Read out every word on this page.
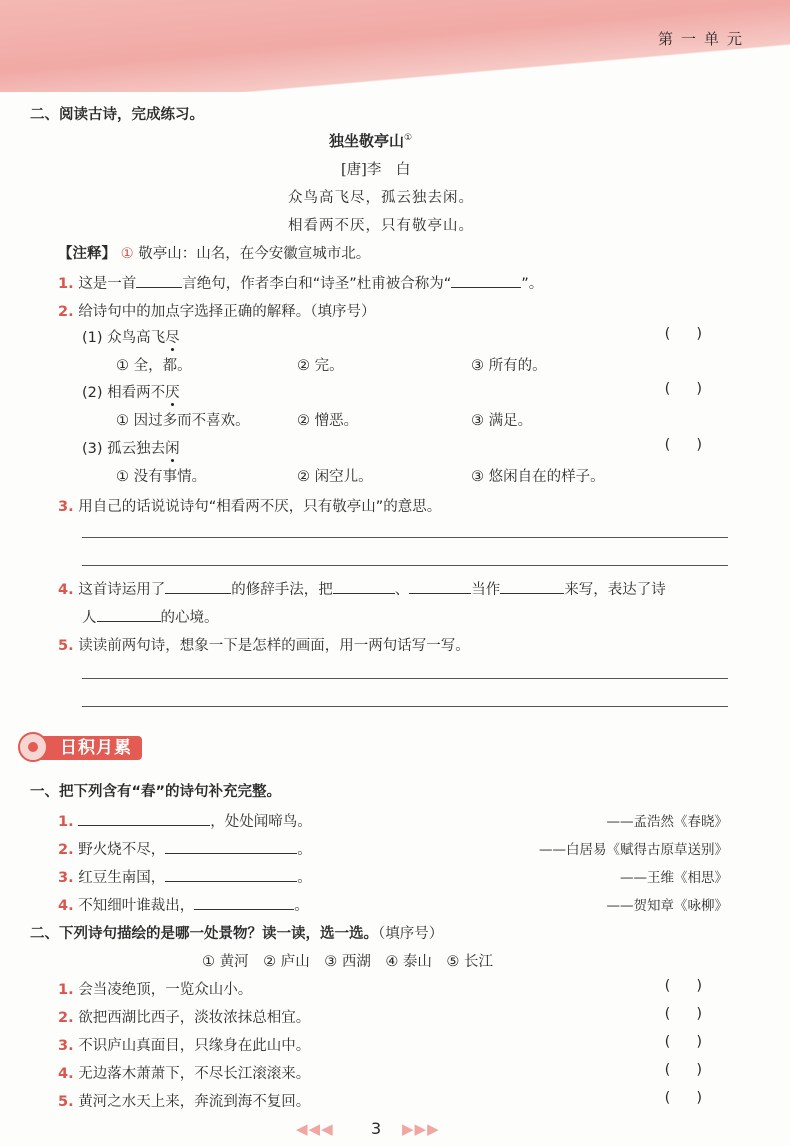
第一单元
二、阅读古诗，完成练习。
独坐敬亭山①
[唐]李　白
众鸟高飞尽，孤云独去闲。
相看两不厌，只有敬亭山。
【注释】 ① 敬亭山：山名，在今安徽宣城市北。
1. 这是一首	言绝句，作者李白和“诗圣”杜甫被合称为“	”。
2. 给诗句中的加点字选择正确的解释。（填序号）
(1) 众鸟高飞尽	()
① 全，都。	② 完。	③ 所有的。
(2) 相看两不厌	()
① 因过多而不喜欢。	② 憎恶。	③ 满足。
(3) 孤云独去闲	()
① 没有事情。	② 闲空儿。	③ 悠闲自在的样子。
3. 用自己的话说说诗句“相看两不厌，只有敬亭山”的意思。
4. 这首诗运用了	的修辞手法，把	、	当作	来写，表达了诗
人	的心境。
5. 读读前两句诗，想象一下是怎样的画面，用一两句话写一写。
日积月累
一、把下列含有“春”的诗句补充完整。
1.	，处处闻啼鸟。	——孟浩然《春晓》
2. 野火烧不尽，	。	——白居易《赋得古原草送别》
3. 红豆生南国，	。	——王维《相思》
4. 不知细叶谁裁出，	。	——贺知章《咏柳》
二、下列诗句描绘的是哪一处景物？读一读，选一选。（填序号）
① 黄河　② 庐山　③ 西湖　④ 泰山　⑤ 长江
1. 会当凌绝顶，一览众山小。	()
2. 欲把西湖比西子，淡妆浓抹总相宜。	()
3. 不识庐山真面目，只缘身在此山中。	()
4. 无边落木萧萧下，不尽长江滚滚来。	()
5. 黄河之水天上来，奔流到海不复回。	()
◀◀◀ 3 ▶▶▶
